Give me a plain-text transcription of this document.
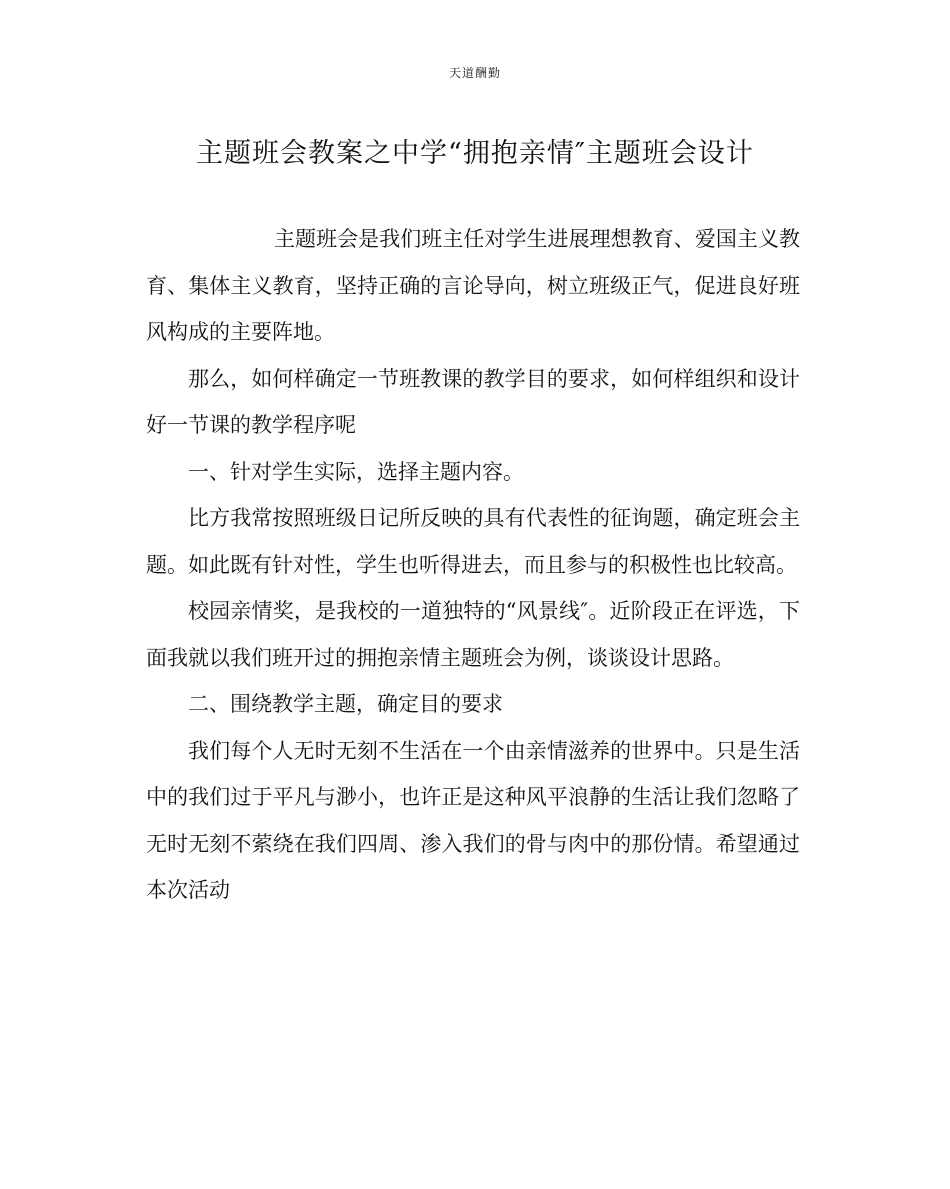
天道酬勤
主题班会教案之中学“拥抱亲情″主题班会设计

主题班会是我们班主任对学生进展理想教育、爱国主义教育、集体主义教育，坚持正确的言论导向，树立班级正气，促进良好班风构成的主要阵地。

那么，如何样确定一节班教课的教学目的要求，如何样组织和设计好一节课的教学程序呢

一、针对学生实际，选择主题内容。

比方我常按照班级日记所反映的具有代表性的征询题，确定班会主题。如此既有针对性，学生也听得进去，而且参与的积极性也比较高。

校园亲情奖，是我校的一道独特的“风景线″。近阶段正在评选，下面我就以我们班开过的拥抱亲情主题班会为例，谈谈设计思路。

二、围绕教学主题，确定目的要求

我们每个人无时无刻不生活在一个由亲情滋养的世界中。只是生活中的我们过于平凡与渺小，也许正是这种风平浪静的生活让我们忽略了无时无刻不萦绕在我们四周、渗入我们的骨与肉中的那份情。希望通过本次活动
